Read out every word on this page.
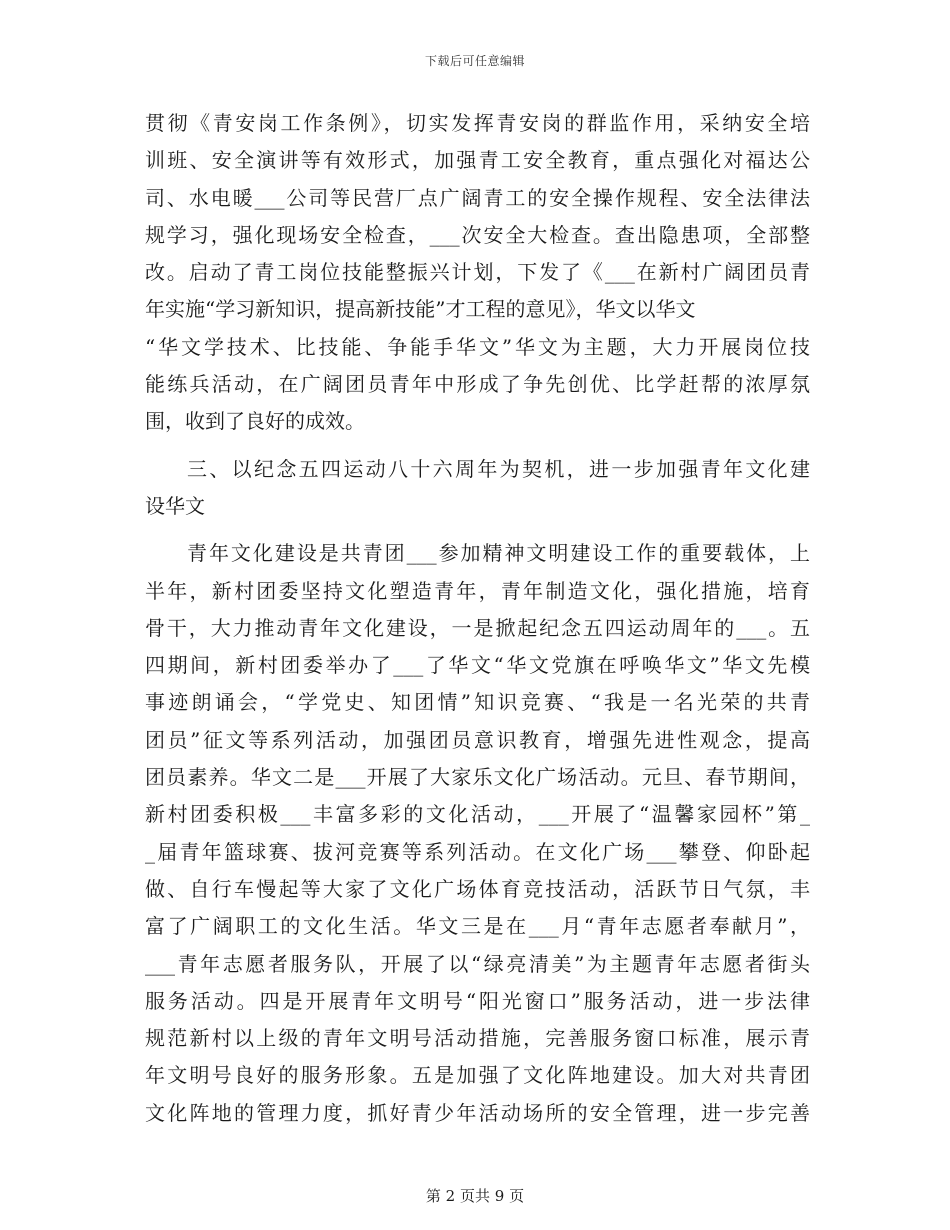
下载后可任意编辑
贯彻《青安岗工作条例》，切实发挥青安岗的群监作用，采纳安全培
训班、安全演讲等有效形式，加强青工安全教育，重点强化对福达公
司、水电暖___公司等民营厂点广阔青工的安全操作规程、安全法律法
规学习，强化现场安全检查，___次安全大检查。查出隐患项，全部整
改。启动了青工岗位技能整振兴计划，下发了《___在新村广阔团员青
年实施“学习新知识，提高新技能”才工程的意见》，华文以华文
“华文学技术、比技能、争能手华文”华文为主题，大力开展岗位技
能练兵活动，在广阔团员青年中形成了争先创优、比学赶帮的浓厚氛
围，收到了良好的成效。
三、以纪念五四运动八十六周年为契机，进一步加强青年文化建
设华文
青年文化建设是共青团___参加精神文明建设工作的重要载体，上
半年，新村团委坚持文化塑造青年，青年制造文化，强化措施，培育
骨干，大力推动青年文化建设，一是掀起纪念五四运动周年的___。五
四期间，新村团委举办了___了华文“华文党旗在呼唤华文”华文先模
事迹朗诵会，“学党史、知团情”知识竞赛、“我是一名光荣的共青
团员”征文等系列活动，加强团员意识教育，增强先进性观念，提高
团员素养。华文二是___开展了大家乐文化广场活动。元旦、春节期间，
新村团委积极___丰富多彩的文化活动，___开展了“温馨家园杯”第_
_届青年篮球赛、拔河竞赛等系列活动。在文化广场___攀登、仰卧起
做、自行车慢起等大家了文化广场体育竞技活动，活跃节日气氛，丰
富了广阔职工的文化生活。华文三是在___月“青年志愿者奉献月”，
___青年志愿者服务队，开展了以“绿亮清美”为主题青年志愿者街头
服务活动。四是开展青年文明号“阳光窗口”服务活动，进一步法律
规范新村以上级的青年文明号活动措施，完善服务窗口标准，展示青
年文明号良好的服务形象。五是加强了文化阵地建设。加大对共青团
文化阵地的管理力度，抓好青少年活动场所的安全管理，进一步完善
第 2 页共 9 页
